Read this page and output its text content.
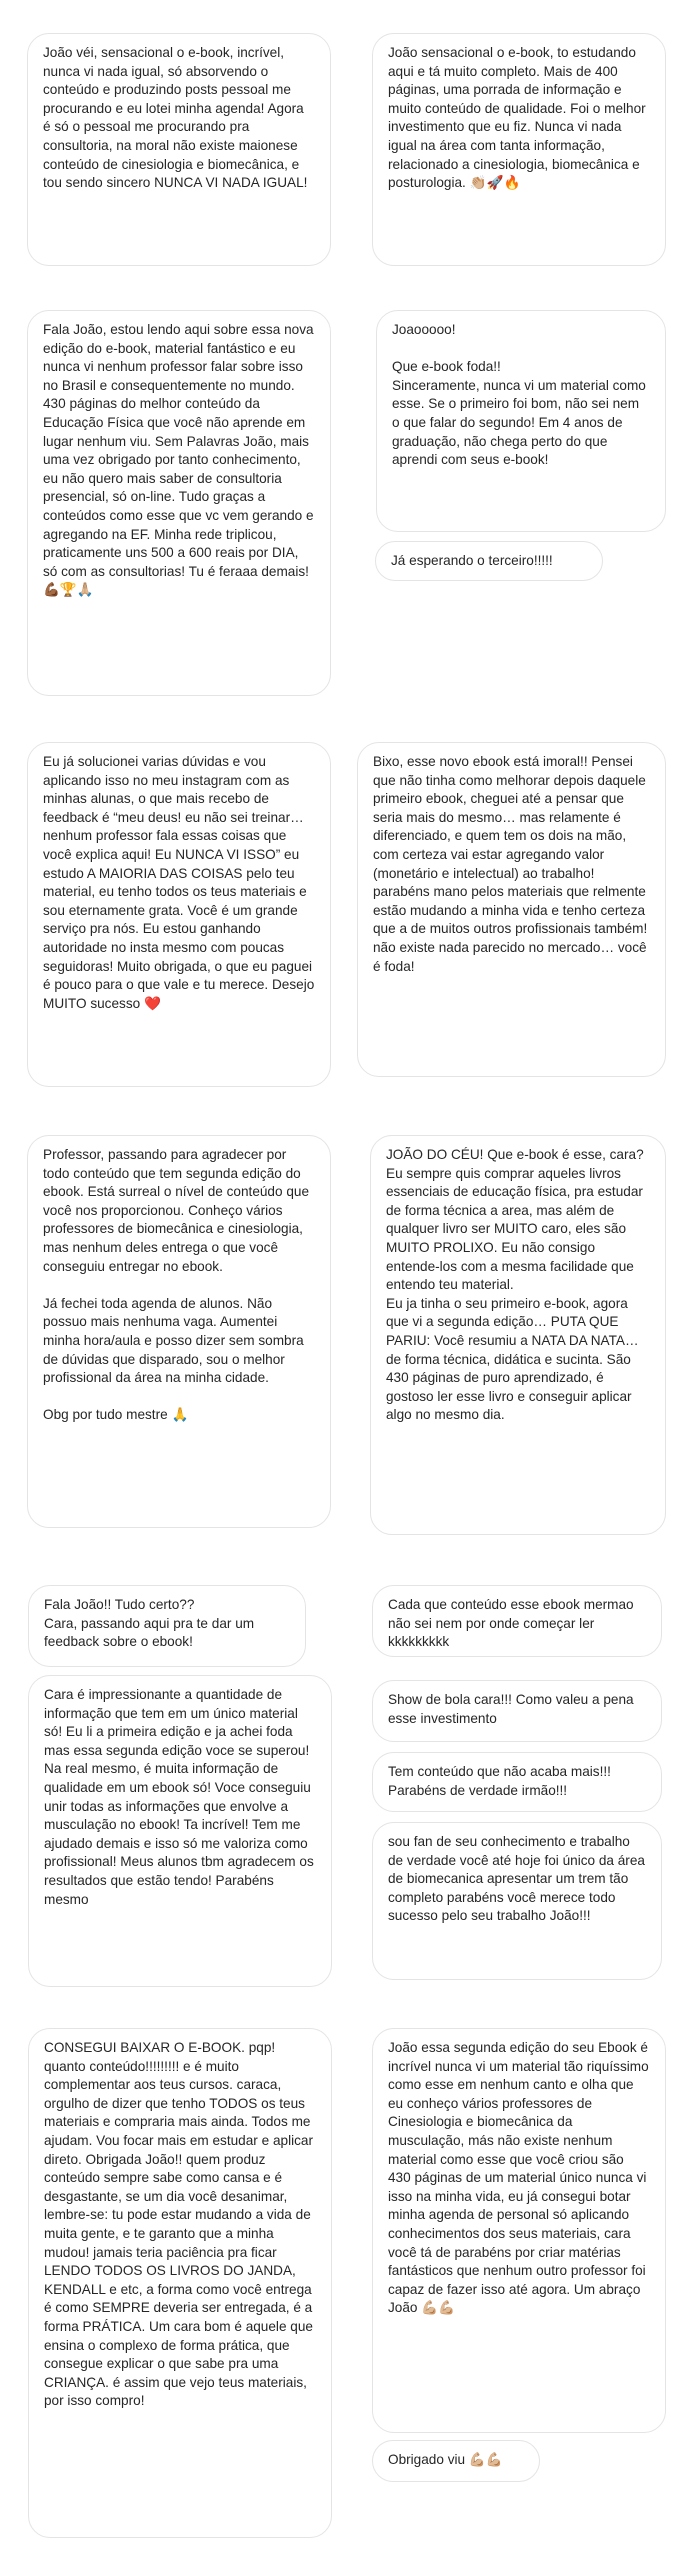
João véi, sensacional o e-book, incrível, nunca vi nada igual, só absorvendo o conteúdo e produzindo posts pessoal me procurando e eu lotei minha agenda! Agora é só o pessoal me procurando pra consultoria, na moral não existe maionese conteúdo de cinesiologia e biomecânica, e tou sendo sincero NUNCA VI NADA IGUAL!
João sensacional o e-book, to estudando aqui e tá muito completo. Mais de 400 páginas, uma porrada de informação e muito conteúdo de qualidade. Foi o melhor investimento que eu fiz. Nunca vi nada igual na área com tanta informação, relacionado a cinesiologia, biomecânica e posturologia. 👏🏼🚀🔥
Fala João, estou lendo aqui sobre essa nova edição do e-book, material fantástico e eu nunca vi nenhum professor falar sobre isso no Brasil e consequentemente no mundo.
430 páginas do melhor conteúdo da Educação Física que você não aprende em lugar nenhum viu. Sem Palavras João, mais uma vez obrigado por tanto conhecimento, eu não quero mais saber de consultoria presencial, só on-line. Tudo graças a conteúdos como esse que vc vem gerando e agregando na EF. Minha rede triplicou, praticamente uns 500 a 600 reais por DIA, só com as consultorias! Tu é feraaa demais! 💪🏾🏆🙏🏼
Joaooooo!

Que e-book foda!!
Sinceramente, nunca vi um material como esse. Se o primeiro foi bom, não sei nem o que falar do segundo! Em 4 anos de graduação, não chega perto do que aprendi com seus e-book!
Já esperando o terceiro!!!!!
Eu já solucionei varias dúvidas e vou aplicando isso no meu instagram com as minhas alunas, o que mais recebo de feedback é “meu deus! eu não sei treinar… nenhum professor fala essas coisas que você explica aqui! Eu NUNCA VI ISSO” eu estudo A MAIORIA DAS COISAS pelo teu material, eu tenho todos os teus materiais e sou eternamente grata. Você é um grande serviço pra nós. Eu estou ganhando autoridade no insta mesmo com poucas seguidoras! Muito obrigada, o que eu paguei é pouco para o que vale e tu merece. Desejo MUITO sucesso ❤️
Bixo, esse novo ebook está imoral!! Pensei que não tinha como melhorar depois daquele primeiro ebook, cheguei até a pensar que seria mais do mesmo… mas relamente é diferenciado, e quem tem os dois na mão, com certeza vai estar agregando valor (monetário e intelectual) ao trabalho! parabéns mano pelos materiais que relmente estão mudando a minha vida e tenho certeza que a de muitos outros profissionais também! não existe nada parecido no mercado… você é foda!
Professor, passando para agradecer por todo conteúdo que tem segunda edição do ebook. Está surreal o nível de conteúdo que você nos proporcionou. Conheço vários professores de biomecânica e cinesiologia, mas nenhum deles entrega o que você conseguiu entregar no ebook.

Já fechei toda agenda de alunos. Não possuo mais nenhuma vaga. Aumentei minha hora/aula e posso dizer sem sombra de dúvidas que disparado, sou o melhor profissional da área na minha cidade.

Obg por tudo mestre 🙏
JOÃO DO CÉU! Que e-book é esse, cara?
Eu sempre quis comprar aqueles livros essenciais de educação física, pra estudar de forma técnica a area, mas além de qualquer livro ser MUITO caro, eles são MUITO PROLIXO. Eu não consigo entende-los com a mesma facilidade que entendo teu material.
Eu ja tinha o seu primeiro e-book, agora que vi a segunda edição… PUTA QUE PARIU: Você resumiu a NATA DA NATA… de forma técnica, didática e sucinta. São 430 páginas de puro aprendizado, é gostoso ler esse livro e conseguir aplicar algo no mesmo dia.
Fala João!! Tudo certo??
Cara, passando aqui pra te dar um feedback sobre o ebook!
Cara é impressionante a quantidade de informação que tem em um único material só! Eu li a primeira edição e ja achei foda mas essa segunda edição voce se superou! Na real mesmo, é muita informação de qualidade em um ebook só! Voce conseguiu unir todas as informações que envolve a musculação no ebook! Ta incrível! Tem me ajudado demais e isso só me valoriza como profissional! Meus alunos tbm agradecem os resultados que estão tendo! Parabéns mesmo
Cada que conteúdo esse ebook mermao não sei nem por onde começar ler kkkkkkkkk
Show de bola cara!!! Como valeu a pena esse investimento
Tem conteúdo que não acaba mais!!! Parabéns de verdade irmão!!!
sou fan de seu conhecimento e trabalho de verdade você até hoje foi único da área de biomecanica apresentar um trem tão completo parabéns você merece todo sucesso pelo seu trabalho João!!!
CONSEGUI BAIXAR O E-BOOK. pqp! quanto conteúdo!!!!!!!!! e é muito complementar aos teus cursos. caraca, orgulho de dizer que tenho TODOS os teus materiais e compraria mais ainda. Todos me ajudam. Vou focar mais em estudar e aplicar direto. Obrigada João!! quem produz conteúdo sempre sabe como cansa e é desgastante, se um dia você desanimar, lembre-se: tu pode estar mudando a vida de muita gente, e te garanto que a minha mudou! jamais teria paciência pra ficar LENDO TODOS OS LIVROS DO JANDA, KENDALL e etc, a forma como você entrega é como SEMPRE deveria ser entregada, é a forma PRÁTICA. Um cara bom é aquele que ensina o complexo de forma prática, que consegue explicar o que sabe pra uma CRIANÇA. é assim que vejo teus materiais, por isso compro!
João essa segunda edição do seu Ebook é incrível nunca vi um material tão riquíssimo como esse em nenhum canto e olha que eu conheço vários professores de Cinesiologia e biomecânica da musculação, más não existe nenhum material como esse que você criou são 430 páginas de um material único nunca vi isso na minha vida, eu já consegui botar minha agenda de personal só aplicando conhecimentos dos seus materiais, cara você tá de parabéns por criar matérias fantásticos que nenhum outro professor foi capaz de fazer isso até agora. Um abraço João 💪🏼💪🏼
Obrigado viu 💪🏼💪🏼
